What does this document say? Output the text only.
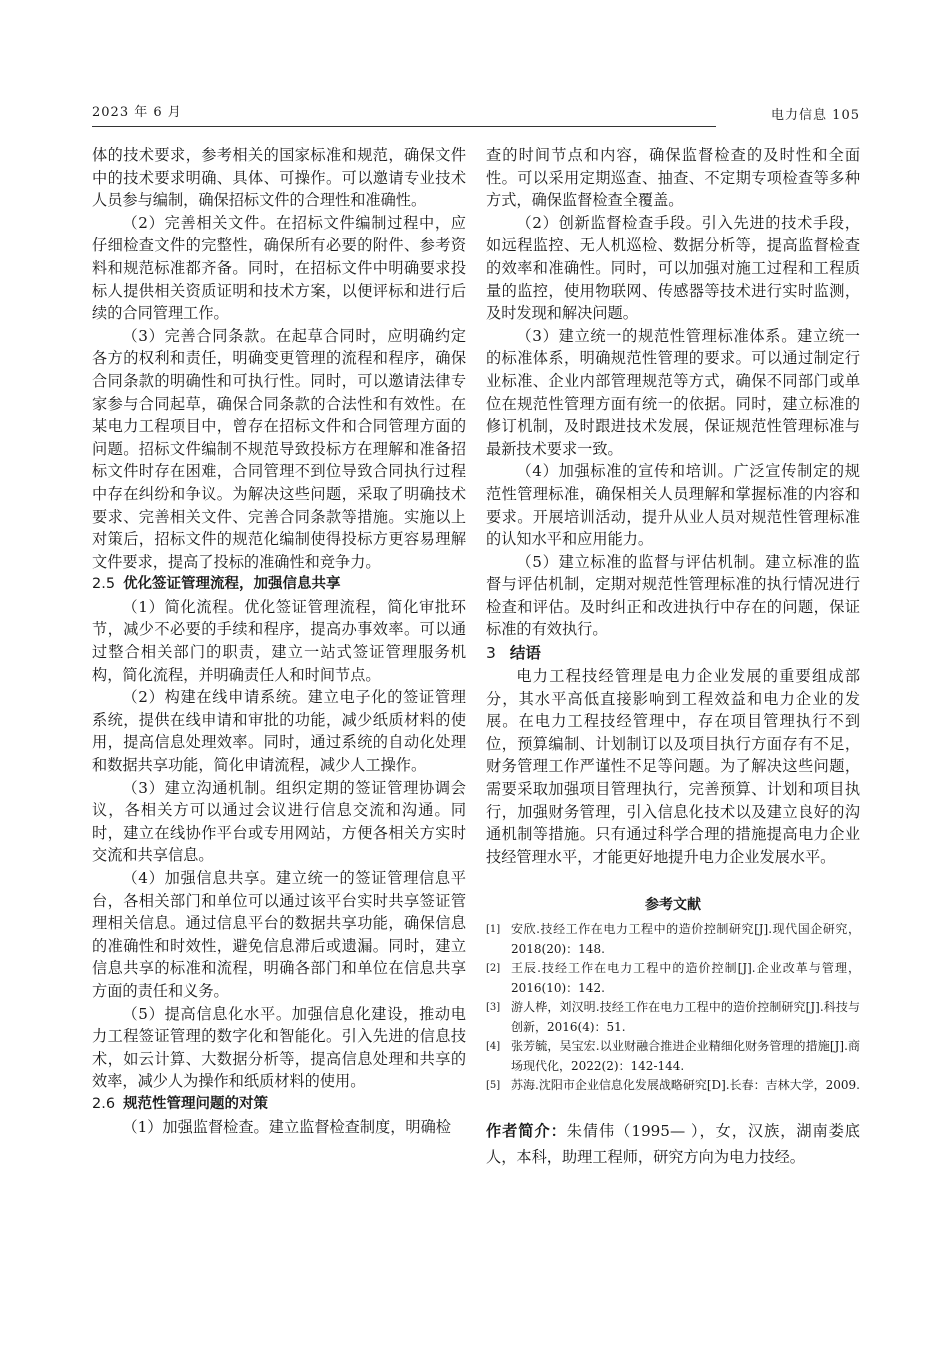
2023 年 6 月	电力信息 105

体的技术要求，参考相关的国家标准和规范，确保文件中的技术要求明确、具体、可操作。可以邀请专业技术人员参与编制，确保招标文件的合理性和准确性。

（2）完善相关文件。在招标文件编制过程中，应仔细检查文件的完整性，确保所有必要的附件、参考资料和规范标准都齐备。同时，在招标文件中明确要求投标人提供相关资质证明和技术方案，以便评标和进行后续的合同管理工作。

（3）完善合同条款。在起草合同时，应明确约定各方的权利和责任，明确变更管理的流程和程序，确保合同条款的明确性和可执行性。同时，可以邀请法律专家参与合同起草，确保合同条款的合法性和有效性。在某电力工程项目中，曾存在招标文件和合同管理方面的问题。招标文件编制不规范导致投标方在理解和准备招标文件时存在困难，合同管理不到位导致合同执行过程中存在纠纷和争议。为解决这些问题，采取了明确技术要求、完善相关文件、完善合同条款等措施。实施以上对策后，招标文件的规范化编制使得投标方更容易理解文件要求，提高了投标的准确性和竞争力。

2.5 优化签证管理流程，加强信息共享

（1）简化流程。优化签证管理流程，简化审批环节，减少不必要的手续和程序，提高办事效率。可以通过整合相关部门的职责，建立一站式签证管理服务机构，简化流程，并明确责任人和时间节点。

（2）构建在线申请系统。建立电子化的签证管理系统，提供在线申请和审批的功能，减少纸质材料的使用，提高信息处理效率。同时，通过系统的自动化处理和数据共享功能，简化申请流程，减少人工操作。

（3）建立沟通机制。组织定期的签证管理协调会议，各相关方可以通过会议进行信息交流和沟通。同时，建立在线协作平台或专用网站，方便各相关方实时交流和共享信息。

（4）加强信息共享。建立统一的签证管理信息平台，各相关部门和单位可以通过该平台实时共享签证管理相关信息。通过信息平台的数据共享功能，确保信息的准确性和时效性，避免信息滞后或遗漏。同时，建立信息共享的标准和流程，明确各部门和单位在信息共享方面的责任和义务。

（5）提高信息化水平。加强信息化建设，推动电力工程签证管理的数字化和智能化。引入先进的信息技术，如云计算、大数据分析等，提高信息处理和共享的效率，减少人为操作和纸质材料的使用。

2.6 规范性管理问题的对策

（1）加强监督检查。建立监督检查制度，明确检

查的时间节点和内容，确保监督检查的及时性和全面性。可以采用定期巡查、抽查、不定期专项检查等多种方式，确保监督检查全覆盖。

（2）创新监督检查手段。引入先进的技术手段，如远程监控、无人机巡检、数据分析等，提高监督检查的效率和准确性。同时，可以加强对施工过程和工程质量的监控，使用物联网、传感器等技术进行实时监测，及时发现和解决问题。

（3）建立统一的规范性管理标准体系。建立统一的标准体系，明确规范性管理的要求。可以通过制定行业标准、企业内部管理规范等方式，确保不同部门或单位在规范性管理方面有统一的依据。同时，建立标准的修订机制，及时跟进技术发展，保证规范性管理标准与最新技术要求一致。

（4）加强标准的宣传和培训。广泛宣传制定的规范性管理标准，确保相关人员理解和掌握标准的内容和要求。开展培训活动，提升从业人员对规范性管理标准的认知水平和应用能力。

（5）建立标准的监督与评估机制。建立标准的监督与评估机制，定期对规范性管理标准的执行情况进行检查和评估。及时纠正和改进执行中存在的问题，保证标准的有效执行。

3 结语

电力工程技经管理是电力企业发展的重要组成部分，其水平高低直接影响到工程效益和电力企业的发展。在电力工程技经管理中，存在项目管理执行不到位，预算编制、计划制订以及项目执行方面存有不足，财务管理工作严谨性不足等问题。为了解决这些问题，需要采取加强项目管理执行，完善预算、计划和项目执行，加强财务管理，引入信息化技术以及建立良好的沟通机制等措施。只有通过科学合理的措施提高电力企业技经管理水平，才能更好地提升电力企业发展水平。

参考文献
[1] 安欣.技经工作在电力工程中的造价控制研究[J].现代国企研究，2018(20)：148.
[2] 王辰.技经工作在电力工程中的造价控制[J].企业改革与管理，2016(10)：142.
[3] 游人桦，刘汉明.技经工作在电力工程中的造价控制研究[J].科技与创新，2016(4)：51.
[4] 张芳毓，吴宝宏.以业财融合推进企业精细化财务管理的措施[J].商场现代化，2022(2)：142-144.
[5] 苏海.沈阳市企业信息化发展战略研究[D].长春：吉林大学，2009.
作者简介：朱倩伟（1995— ），女，汉族，湖南娄底人，本科，助理工程师，研究方向为电力技经。
